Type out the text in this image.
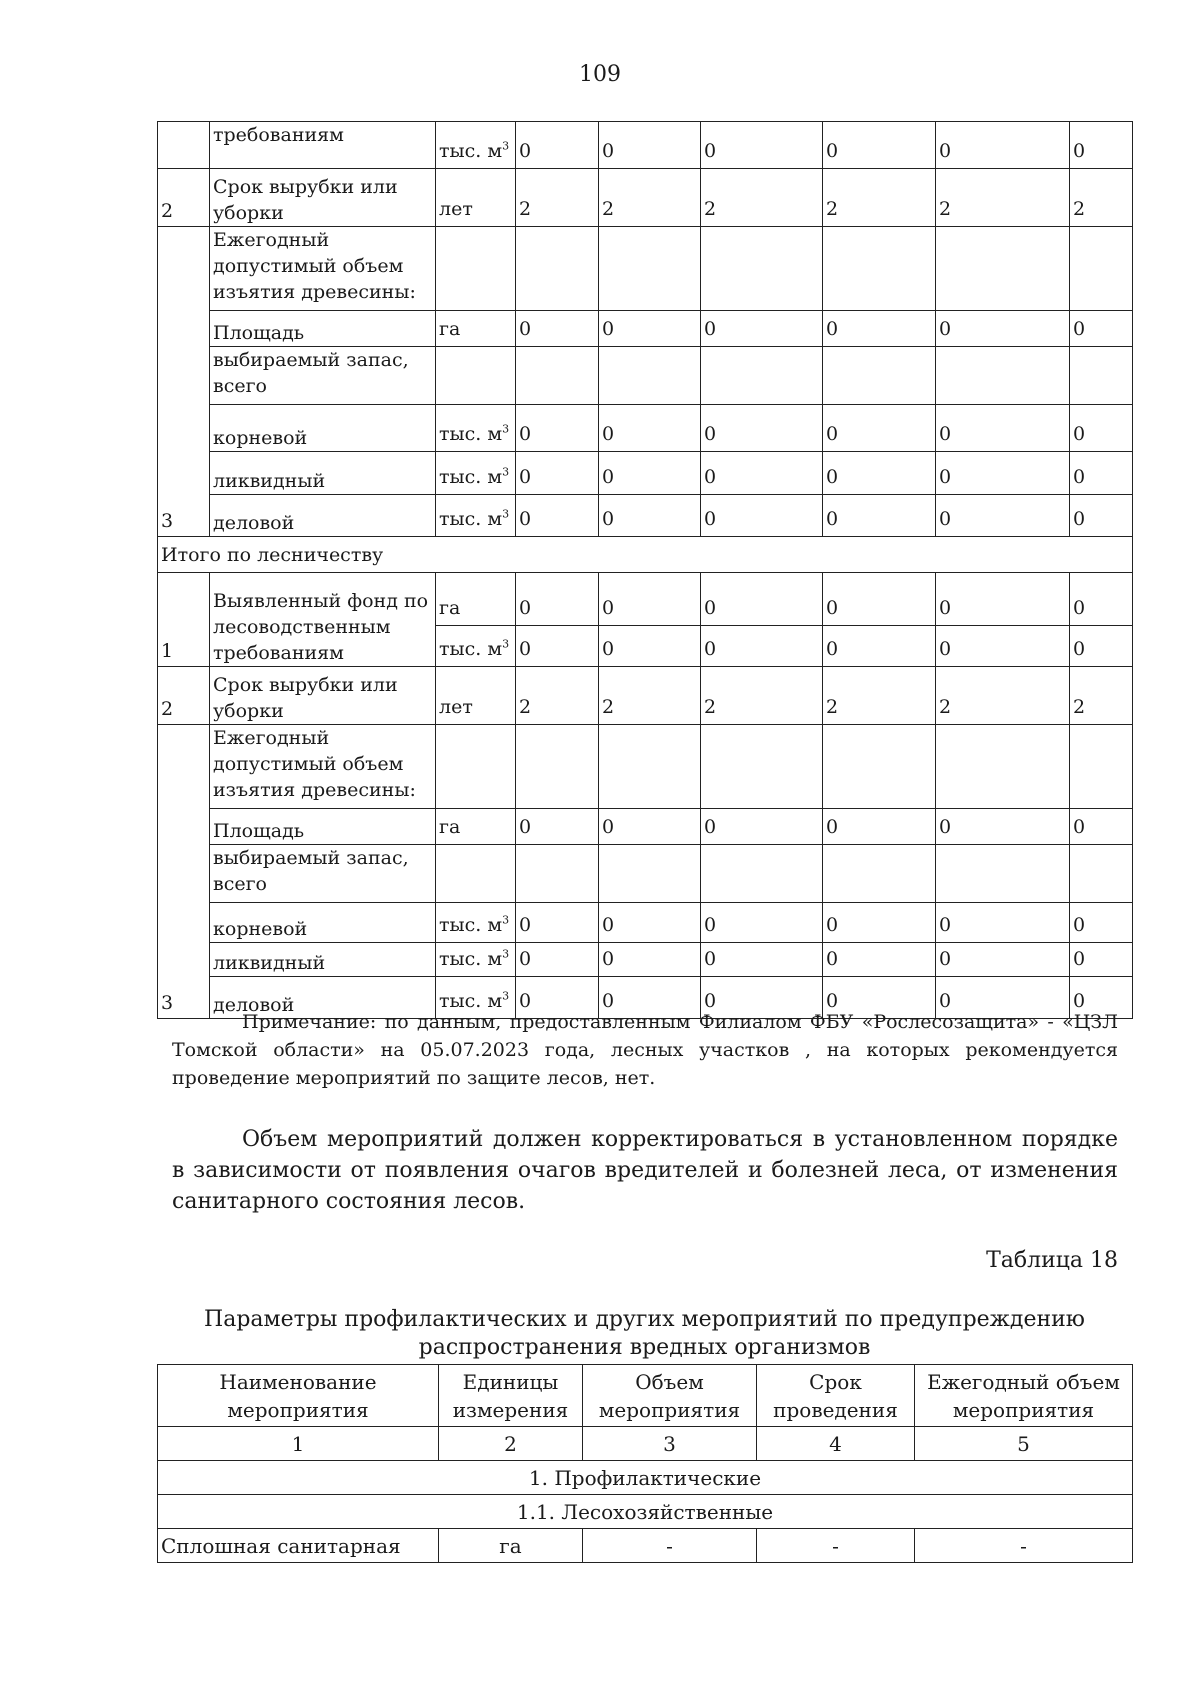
109
	требованиям	тыс. $м^3$	0	0	0	0	0	0
2	Срок вырубки или уборки	лет	2	2	2	2	2	2
3	Ежегодный допустимый объем изъятия древесины:							
	Площадь	га	0	0	0	0	0	0
	выбираемый запас, всего							
	корневой	тыс. $м^3$	0	0	0	0	0	0
	ликвидный	тыс. $м^3$	0	0	0	0	0	0
	деловой	тыс. $м^3$	0	0	0	0	0	0
Итого по лесничеству								
1	Выявленный фонд по лесоводственным требованиям	га	0	0	0	0	0	0
		тыс. $м^3$	0	0	0	0	0	0
2	Срок вырубки или уборки	лет	2	2	2	2	2	2
3	Ежегодный допустимый объем изъятия древесины:							
	Площадь	га	0	0	0	0	0	0
	выбираемый запас, всего							
	корневой	тыс. $м^3$	0	0	0	0	0	0
	ликвидный	тыс. $м^3$	0	0	0	0	0	0
	деловой	тыс. $м^3$	0	0	0	0	0	0

Примечание: по данным, предоставленным Филиалом ФБУ «Рослесозащита» - «ЦЗЛ Томской области» на 05.07.2023 года, лесных участков , на которых рекомендуется проведение мероприятий по защите лесов, нет.

Объем мероприятий должен корректироваться в установленном порядке в зависимости от появления очагов вредителей и болезней леса, от изменения санитарного состояния лесов.

Таблица 18

Параметры профилактических и других мероприятий по предупреждению распространения вредных организмов

Наименование мероприятия	Единицы измерения	Объем мероприятия	Срок проведения	Ежегодный объем мероприятия
1	2	3	4	5
1. Профилактические				
1.1. Лесохозяйственные				
Сплошная санитарная	га	-	-	-
